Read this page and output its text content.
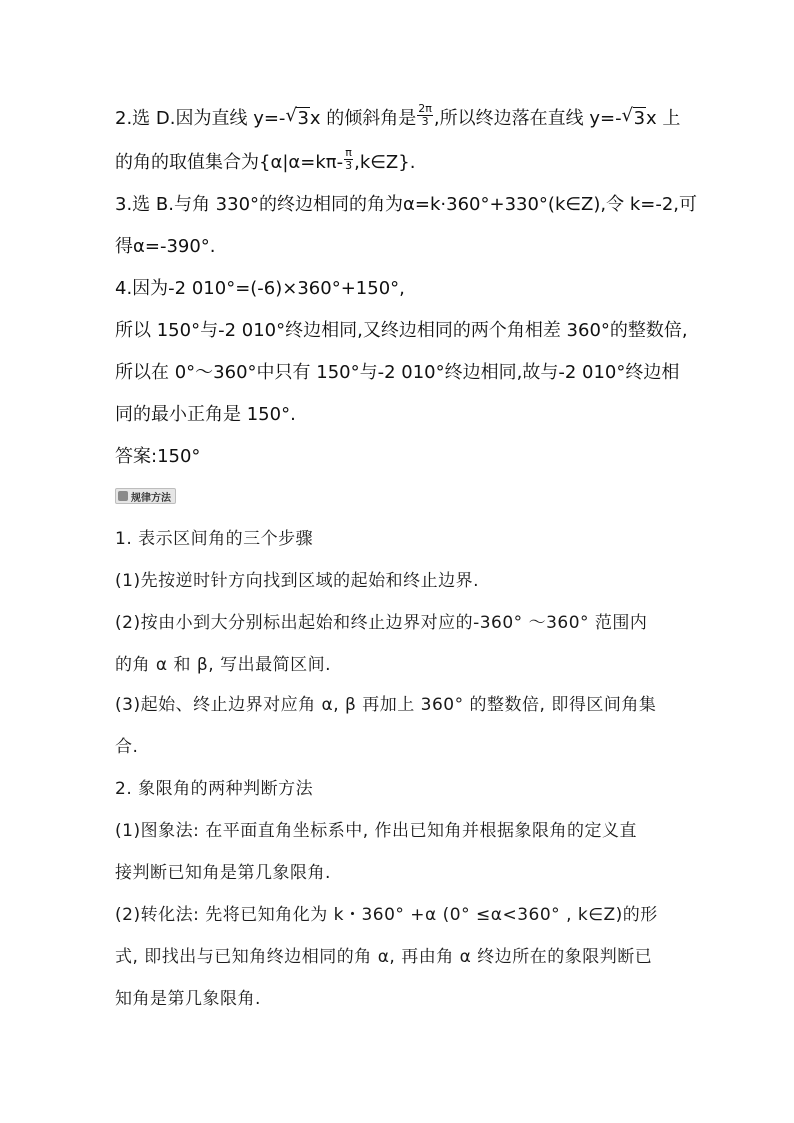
2.选 D.因为直线 y=- √ 3x 的倾斜角是 $\frac{2\pi}{3}$ ,所以终边落在直线 y=- √ 3x 上
的角的取值集合为{$\alpha|\alpha=k\pi- \frac{\pi}{3}$ ,k∈Z}.
3.选 B.与角 330°的终边相同的角为α=k·360°+330°(k∈Z),令 k=-2,可
得α=-390°.
4.因为-2 010°=(-6)×360°+150°,
所以 150°与-2 010°终边相同,又终边相同的两个角相差 360°的整数倍,
所以在 0°～360°中只有 150°与-2 010°终边相同,故与-2 010°终边相
同的最小正角是 150°.
答案:150°
规律方法
1. 表示区间角的三个步骤
(1)先按逆时针方向找到区域的起始和终止边界.
(2)按由小到大分别标出起始和终止边界对应的-360° ～360° 范围内
的角 α 和 β, 写出最简区间.
(3)起始、终止边界对应角 α, β 再加上 360° 的整数倍, 即得区间角集
合.
2. 象限角的两种判断方法
(1)图象法: 在平面直角坐标系中, 作出已知角并根据象限角的定义直
接判断已知角是第几象限角.
(2)转化法: 先将已知角化为 k・360° +α (0° ≤α<360° , k∈Z)的形
式, 即找出与已知角终边相同的角 α, 再由角 α 终边所在的象限判断已
知角是第几象限角.
